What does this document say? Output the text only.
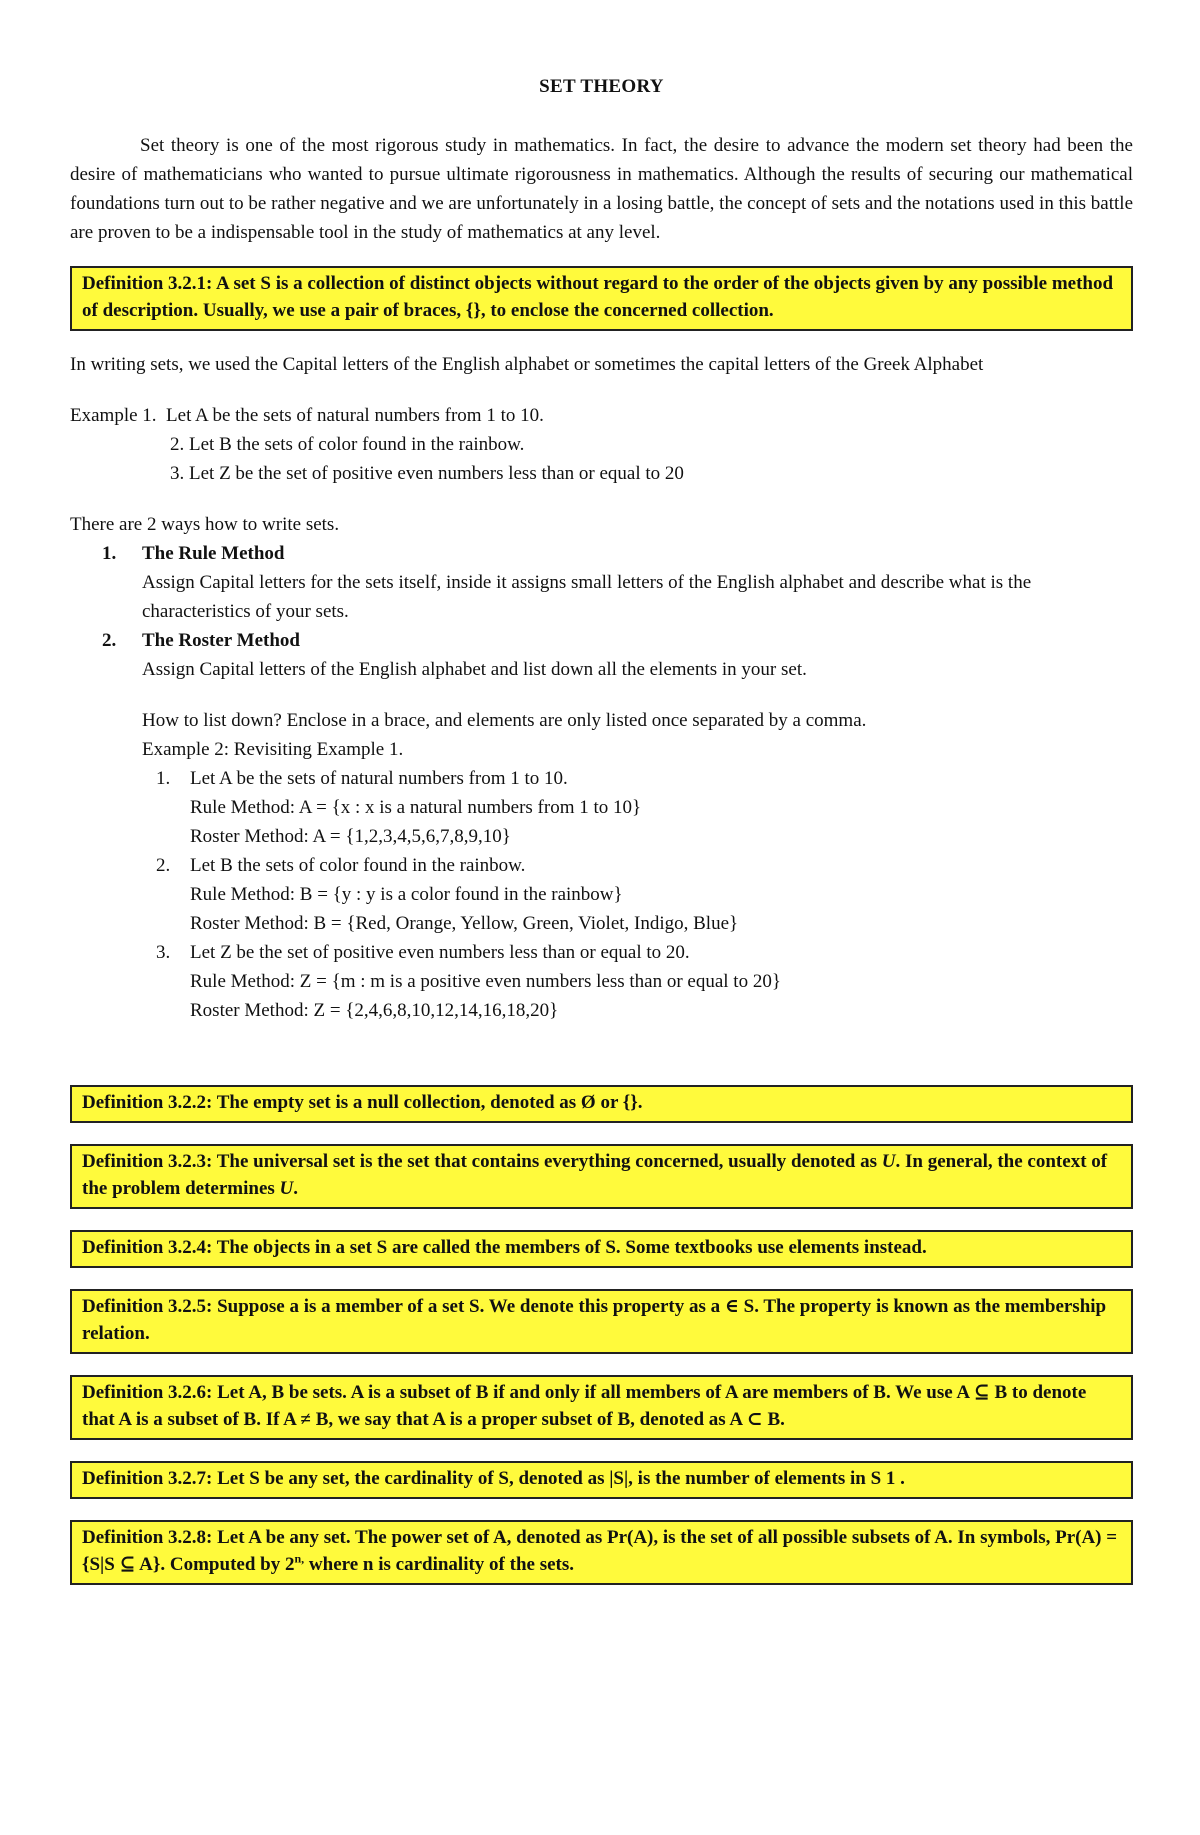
SET THEORY

Set theory is one of the most rigorous study in mathematics. In fact, the desire to advance the modern set theory had been the desire of mathematicians who wanted to pursue ultimate rigorousness in mathematics. Although the results of securing our mathematical foundations turn out to be rather negative and we are unfortunately in a losing battle, the concept of sets and the notations used in this battle are proven to be a indispensable tool in the study of mathematics at any level.

Definition 3.2.1: A set S is a collection of distinct objects without regard to the order of the objects given by any possible method of description. Usually, we use a pair of braces, {}, to enclose the concerned collection.

In writing sets, we used the Capital letters of the English alphabet or sometimes the capital letters of the Greek Alphabet

Example 1. Let A be the sets of natural numbers from 1 to 10.

2. Let B the sets of color found in the rainbow.

3. Let Z be the set of positive even numbers less than or equal to 20

There are 2 ways how to write sets.

1. The Rule Method
Assign Capital letters for the sets itself, inside it assigns small letters of the English alphabet and describe what is the characteristics of your sets.
2. The Roster Method
Assign Capital letters of the English alphabet and list down all the elements in your set.

How to list down? Enclose in a brace, and elements are only listed once separated by a comma.

Example 2: Revisiting Example 1.

1. Let A be the sets of natural numbers from 1 to 10.
Rule Method: A = {x : x is a natural numbers from 1 to 10}
Roster Method: A = {1,2,3,4,5,6,7,8,9,10}
2. Let B the sets of color found in the rainbow.
Rule Method: B = {y : y is a color found in the rainbow}
Roster Method: B = {Red, Orange, Yellow, Green, Violet, Indigo, Blue}
3. Let Z be the set of positive even numbers less than or equal to 20.
Rule Method: Z = {m : m is a positive even numbers less than or equal to 20}
Roster Method: Z = {2,4,6,8,10,12,14,16,18,20}
Definition 3.2.2: The empty set is a null collection, denoted as Ø or {}.
Definition 3.2.3: The universal set is the set that contains everything concerned, usually denoted as U. In general, the context of the problem determines U.
Definition 3.2.4: The objects in a set S are called the members of S. Some textbooks use elements instead.
Definition 3.2.5: Suppose a is a member of a set S. We denote this property as a ∈ S. The property is known as the membership relation.
Definition 3.2.6: Let A, B be sets. A is a subset of B if and only if all members of A are members of B. We use A ⊆ B to denote that A is a subset of B. If A ≠ B, we say that A is a proper subset of B, denoted as A ⊂ B.
Definition 3.2.7: Let S be any set, the cardinality of S, denoted as |S|, is the number of elements in S 1 .
Definition 3.2.8: Let A be any set. The power set of A, denoted as Pr(A), is the set of all possible subsets of A. In symbols, Pr(A) = {S|S ⊆ A}. Computed by $2^{n,}$ where n is cardinality of the sets.
